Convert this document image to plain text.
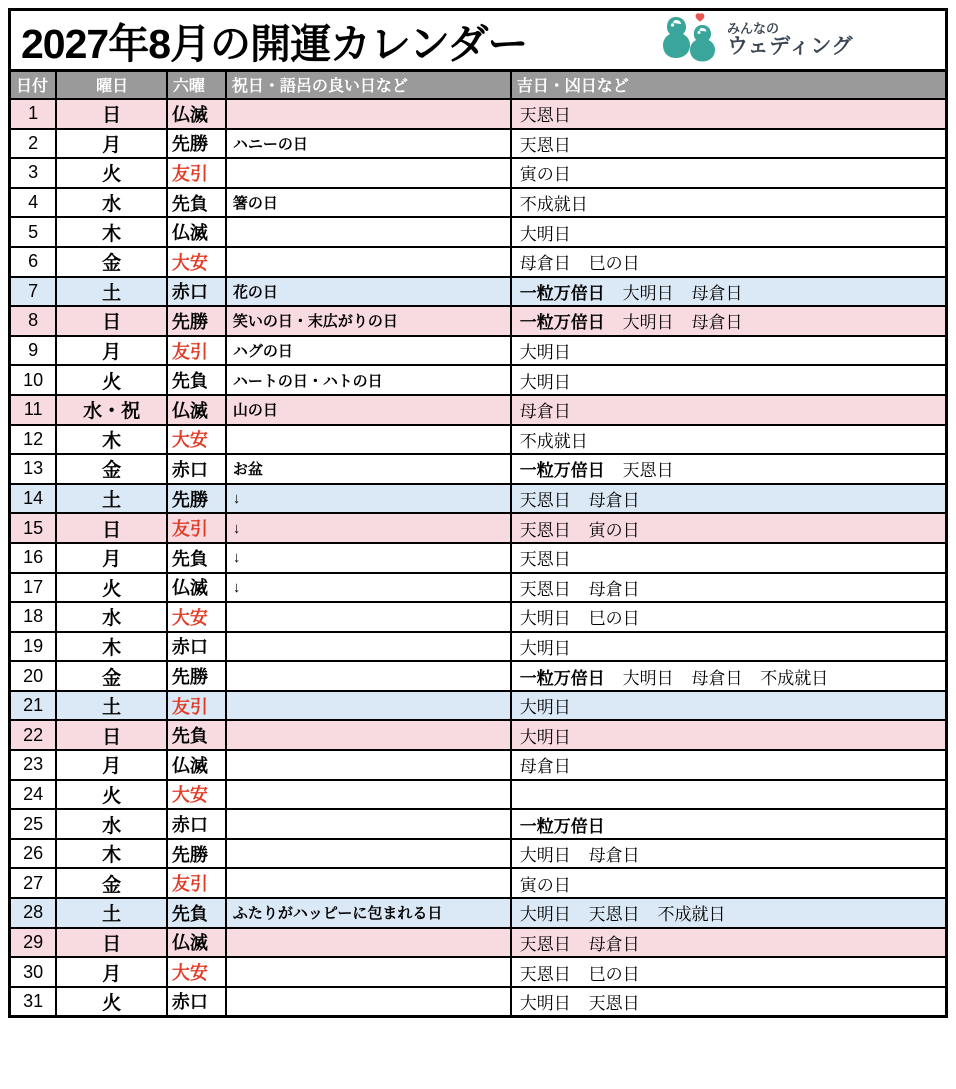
2027年8月の開運カレンダー	みんなの
ウェディング
日付	曜日	六曜	祝日・語呂の良い日など	吉日・凶日など
1	日	仏滅		天恩日
2	月	先勝	ハニーの日	天恩日
3	火	友引		寅の日
4	水	先負	箸の日	不成就日
5	木	仏滅		大明日
6	金	大安		母倉日 巳の日
7	土	赤口	花の日	一粒万倍日 大明日 母倉日
8	日	先勝	笑いの日・末広がりの日	一粒万倍日 大明日 母倉日
9	月	友引	ハグの日	大明日
10	火	先負	ハートの日・ハトの日	大明日
11	水・祝	仏滅	山の日	母倉日
12	木	大安		不成就日
13	金	赤口	お盆	一粒万倍日 天恩日
14	土	先勝	↓	天恩日 母倉日
15	日	友引	↓	天恩日 寅の日
16	月	先負	↓	天恩日
17	火	仏滅	↓	天恩日 母倉日
18	水	大安		大明日 巳の日
19	木	赤口		大明日
20	金	先勝		一粒万倍日 大明日 母倉日 不成就日
21	土	友引		大明日
22	日	先負		大明日
23	月	仏滅		母倉日
24	火	大安		
25	水	赤口		一粒万倍日
26	木	先勝		大明日 母倉日
27	金	友引		寅の日
28	土	先負	ふたりがハッピーに包まれる日	大明日 天恩日 不成就日
29	日	仏滅		天恩日 母倉日
30	月	大安		天恩日 巳の日
31	火	赤口		大明日 天恩日
